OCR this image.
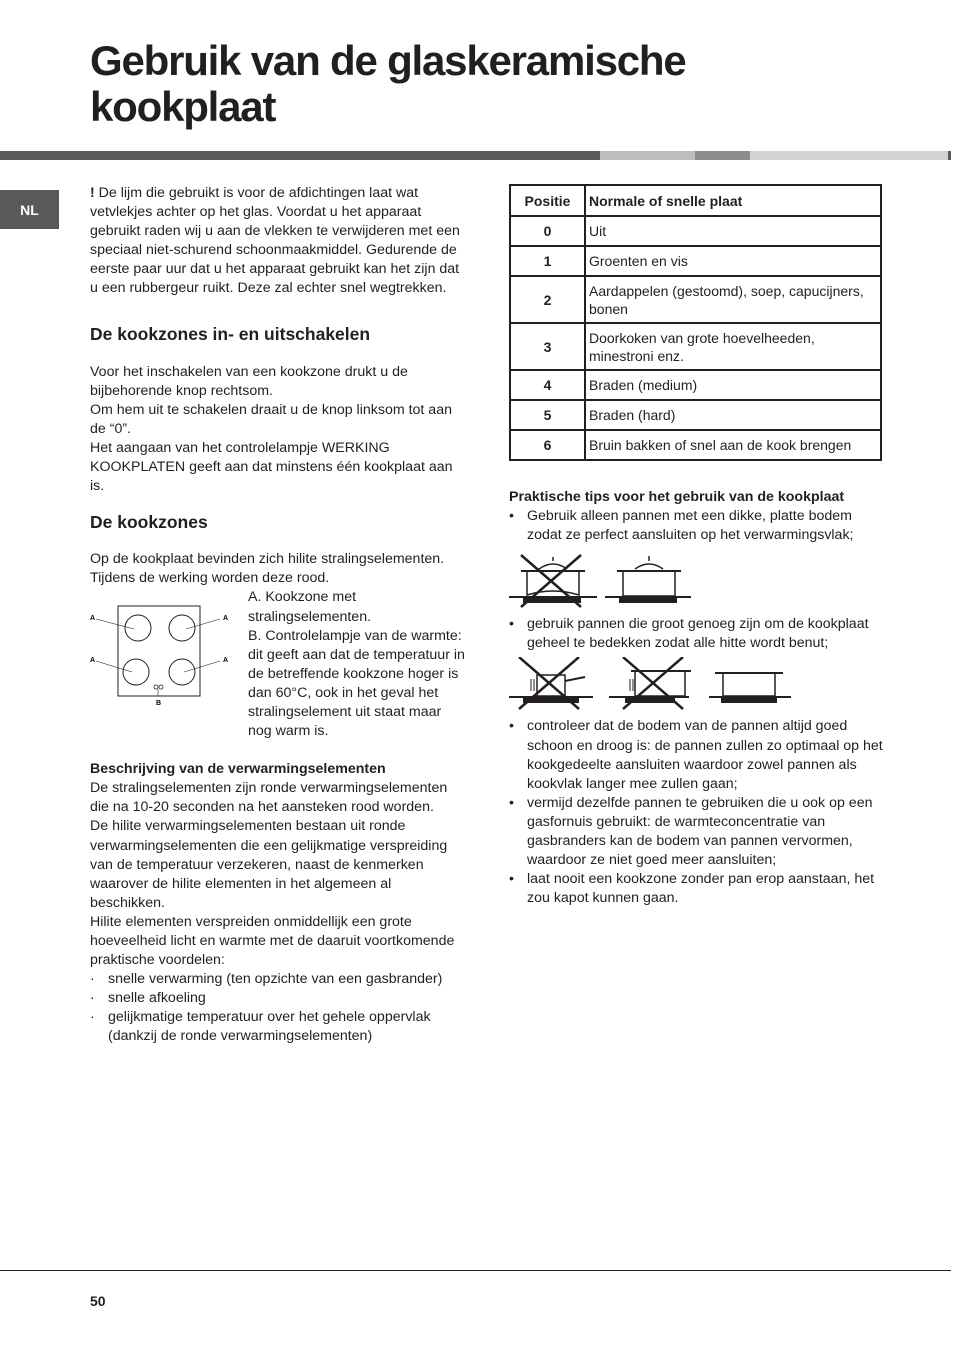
Gebruik van de glaskeramische
kookplaat
NL

! De lijm die gebruikt is voor de afdichtingen laat wat vetvlekjes achter op het glas. Voordat u het apparaat gebruikt raden wij u aan de vlekken te verwijderen met een speciaal niet-schurend schoonmaakmiddel. Gedurende de eerste paar uur dat u het apparaat gebruikt kan het zijn dat u een rubbergeur ruikt. Deze zal echter snel wegtrekken.

De kookzones in- en uitschakelen

Voor het inschakelen van een kookzone drukt u de bijbehorende knop rechtsom.

Om hem uit te schakelen draait u de knop linksom tot aan de “0”.

Het aangaan van het controlelampje WERKING KOOKPLATEN geeft aan dat minstens één kookplaat aan is.

De kookzones

Op de kookplaat bevinden zich hilite stralingselementen. Tijdens de werking worden deze rood.

A	A
A	A
B

A. Kookzone met stralingselementen.

B. Controlelampje van de warmte: dit geeft aan dat de temperatuur in de betreffende kookzone hoger is dan 60°C, ook in het geval het stralingselement uit staat maar nog warm is.

Beschrijving van de verwarmingselementen

De stralingselementen zijn ronde verwarmingselementen die na 10-20 seconden na het aansteken rood worden.

De hilite verwarmingselementen bestaan uit ronde verwarmingselementen die een gelijkmatige verspreiding van de temperatuur verzekeren, naast de kenmerken waarover de hilite elementen in het algemeen al beschikken.

Hilite elementen verspreiden onmiddellijk een grote hoeveelheid licht en warmte met de daaruit voortkomende praktische voordelen:

· snelle verwarming (ten opzichte van een gasbrander)
· snelle afkoeling
· gelijkmatige temperatuur over het gehele oppervlak (dankzij de ronde verwarmingselementen)
Positie	Normale of snelle plaat
0	Uit
1	Groenten en vis
2	Aardappelen (gestoomd), soep, capucijners, bonen
3	Doorkoken van grote hoevelheeden, minestroni enz.
4	Braden (medium)
5	Braden (hard)
6	Bruin bakken of snel aan de kook brengen
Praktische tips voor het gebruik van de kookplaat
• Gebruik alleen pannen met een dikke, platte bodem zodat ze perfect aansluiten op het verwarmingsvlak;
• gebruik pannen die groot genoeg zijn om de kookplaat geheel te bedekken zodat alle hitte wordt benut;
• controleer dat de bodem van de pannen altijd goed schoon en droog is: de pannen zullen zo optimaal op het kookgedeelte aansluiten waardoor zowel pannen als kookvlak langer mee zullen gaan;
• vermijd dezelfde pannen te gebruiken die u ook op een gasfornuis gebruikt: de warmteconcentratie van gasbranders kan de bodem van pannen vervormen, waardoor ze niet goed meer aansluiten;
• laat nooit een kookzone zonder pan erop aanstaan, het zou kapot kunnen gaan.
50
